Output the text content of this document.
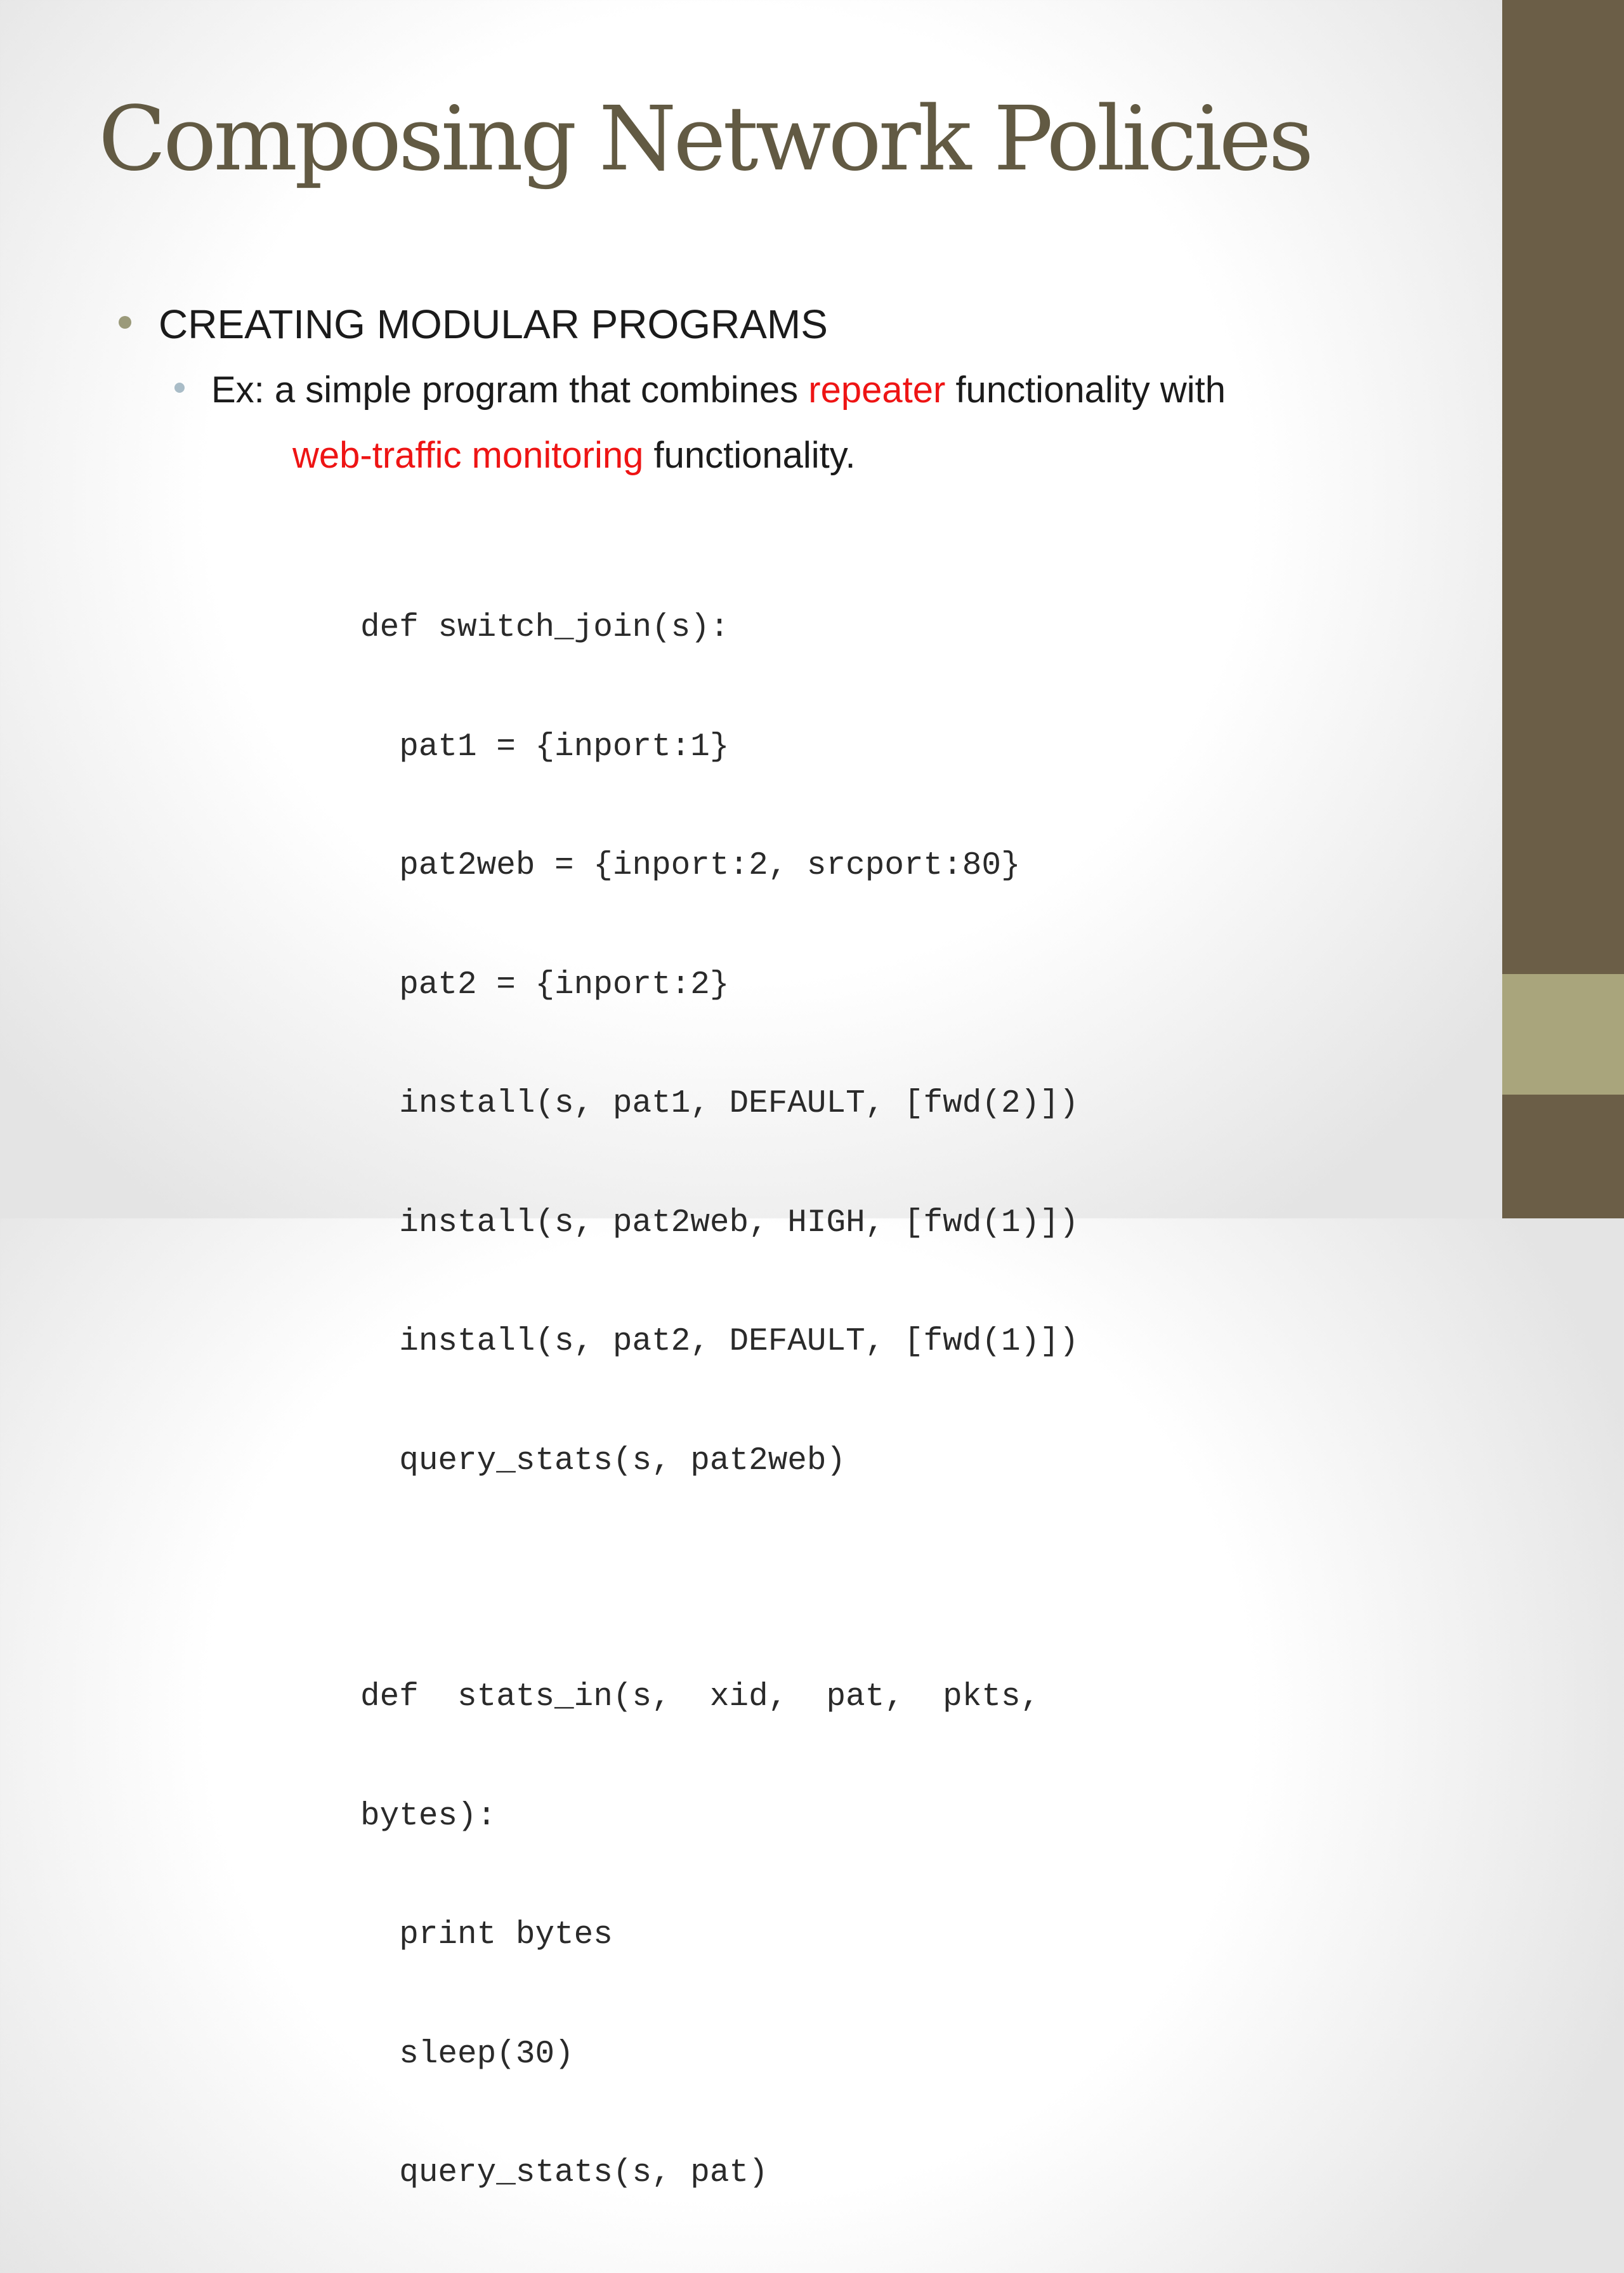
Composing Network Policies
CREATING MODULAR PROGRAMS
Ex: a simple program that combines repeater functionality with
web-traffic monitoring functionality.

def switch_join(s):

pat1 = {inport:1}

pat2web = {inport:2, srcport:80}

pat2 = {inport:2}

install(s, pat1, DEFAULT, [fwd(2)])

install(s, pat2web, HIGH, [fwd(1)])

install(s, pat2, DEFAULT, [fwd(1)])

query_stats(s, pat2web)

def  stats_in(s,  xid,  pat,  pkts,

bytes):

print bytes

sleep(30)

query_stats(s, pat)
